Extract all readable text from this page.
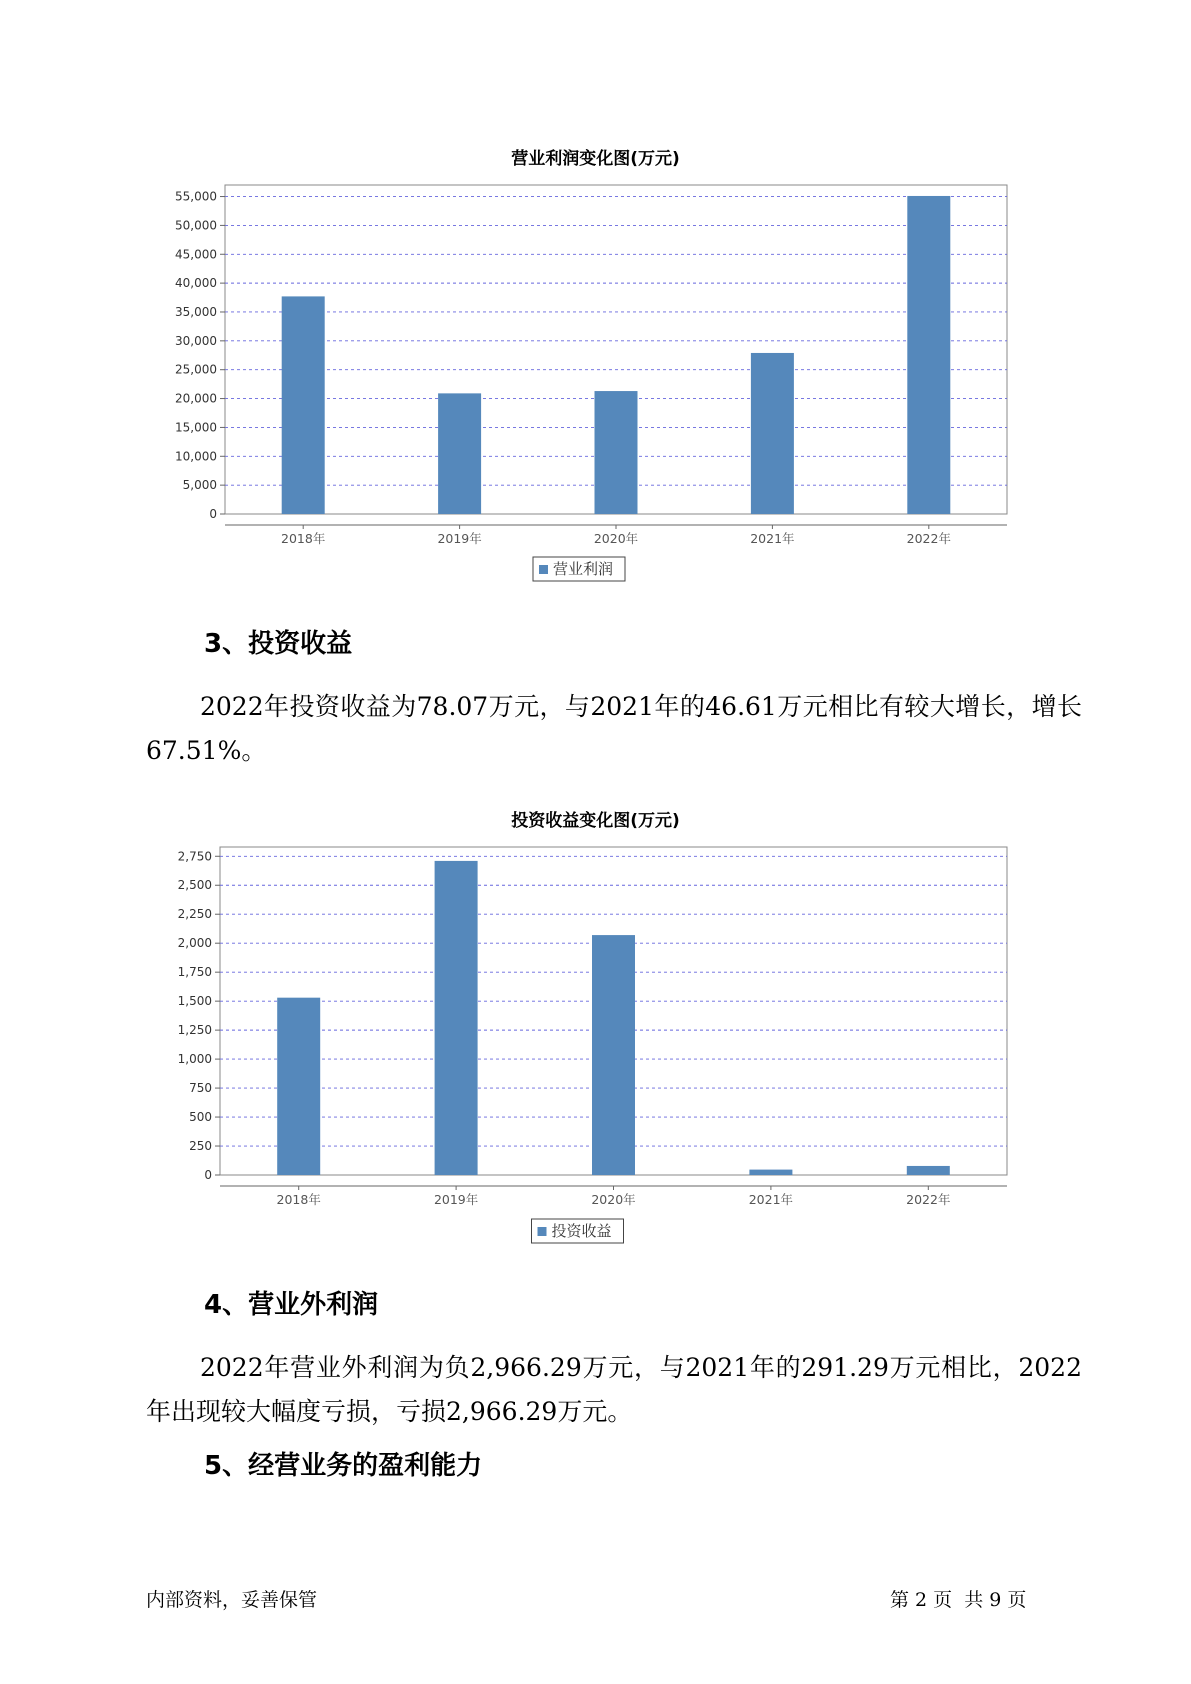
营业利润变化图(万元)
0
5,000
10,000
15,000
20,000
25,000
30,000
35,000
40,000
45,000
50,000
55,000
2018年	2019年	2020年	2021年	2022年
营业利润
3、投资收益

2022年投资收益为78.07万元，与2021年的46.61万元相比有较大增长，增长67.51%。

投资收益变化图(万元)
0
250
500
750
1,000
1,250
1,500
1,750
2,000
2,250
2,500
2,750
2018年	2019年	2020年	2021年	2022年
投资收益
4、营业外利润

2022年营业外利润为负2,966.29万元，与2021年的291.29万元相比，2022年出现较大幅度亏损，亏损2,966.29万元。

5、经营业务的盈利能力
内部资料，妥善保管	第 2 页  共 9 页
